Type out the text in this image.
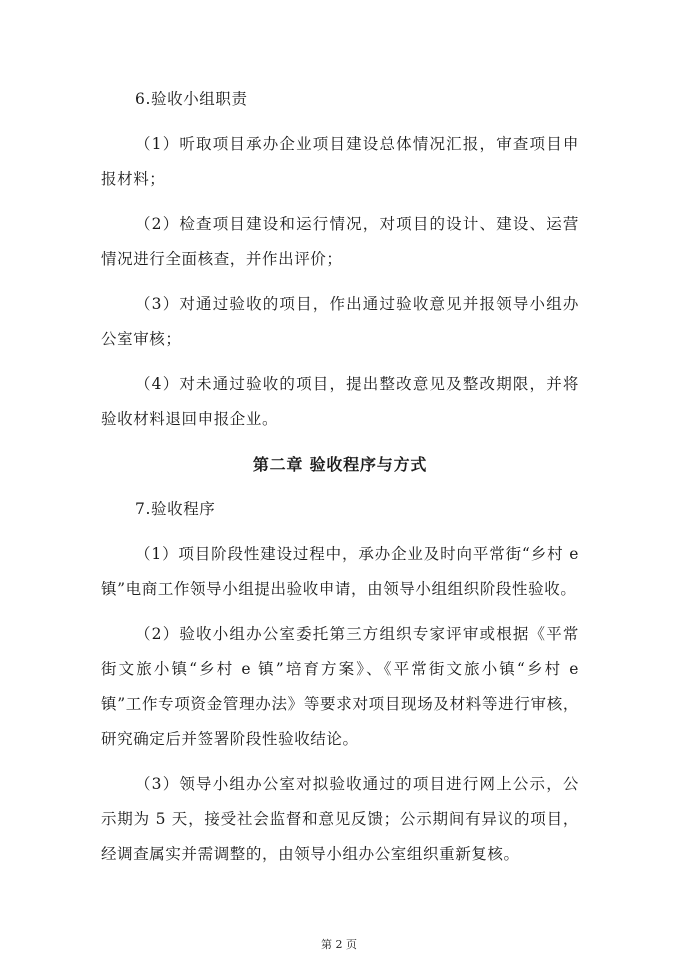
6.验收小组职责

（1）听取项目承办企业项目建设总体情况汇报，审查项目申报材料；

（2）检查项目建设和运行情况，对项目的设计、建设、运营情况进行全面核查，并作出评价；

（3）对通过验收的项目，作出通过验收意见并报领导小组办公室审核；

（4）对未通过验收的项目，提出整改意见及整改期限，并将验收材料退回申报企业。

第二章 验收程序与方式

7.验收程序

（1）项目阶段性建设过程中，承办企业及时向平常街“乡村 e 镇”电商工作领导小组提出验收申请，由领导小组组织阶段性验收。

（2）验收小组办公室委托第三方组织专家评审或根据《平常街文旅小镇“乡村 e 镇”培育方案》、《平常街文旅小镇“乡村 e 镇”工作专项资金管理办法》等要求对项目现场及材料等进行审核，研究确定后并签署阶段性验收结论。

（3）领导小组办公室对拟验收通过的项目进行网上公示，公示期为 5 天，接受社会监督和意见反馈；公示期间有异议的项目，经调查属实并需调整的，由领导小组办公室组织重新复核。

第 2 页
